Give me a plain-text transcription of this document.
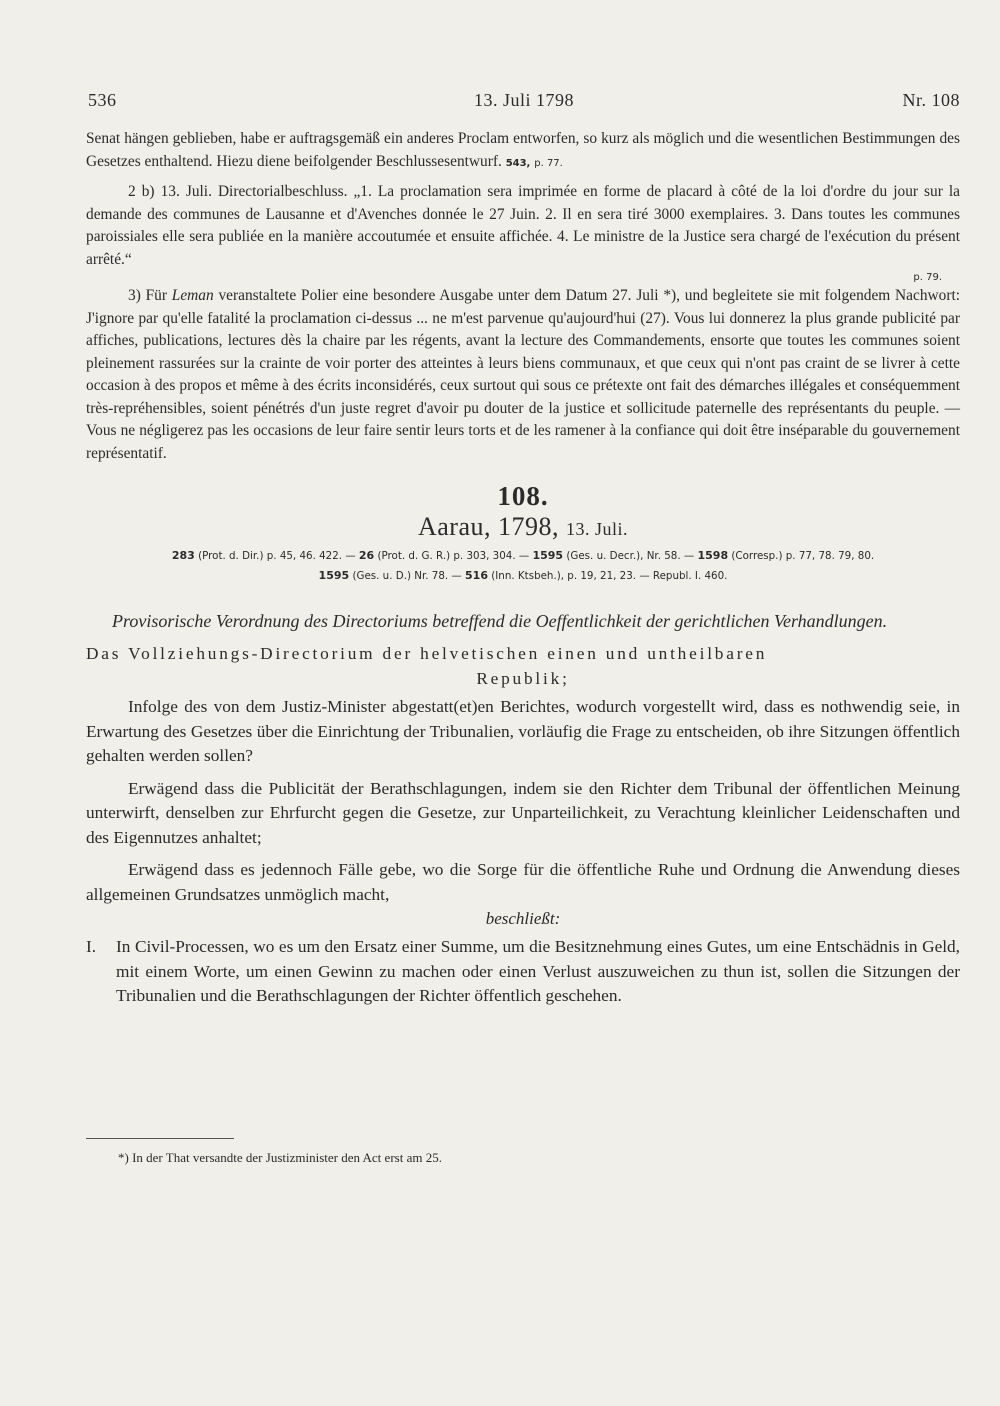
536	13. Juli 1798	Nr. 108

Senat hängen geblieben, habe er auftragsgemäß ein anderes Proclam entworfen, so kurz als möglich und die wesentlichen Bestimmungen des Gesetzes enthaltend. Hiezu diene beifolgender Beschlussesentwurf. 543, p. 77.

2 b) 13. Juli. Directorialbeschluss. „1. La proclamation sera imprimée en forme de placard à côté de la loi d'ordre du jour sur la demande des communes de Lausanne et d'Avenches donnée le 27 Juin. 2. Il en sera tiré 3000 exemplaires. 3. Dans toutes les communes paroissiales elle sera publiée en la manière accoutumée et ensuite affichée. 4. Le ministre de la Justice sera chargé de l'exécution du présent arrêté.“

p. 79.

3) Für Leman veranstaltete Polier eine besondere Ausgabe unter dem Datum 27. Juli *), und begleitete sie mit folgendem Nachwort: J'ignore par qu'elle fatalité la proclamation ci-dessus ... ne m'est parvenue qu'aujourd'hui (27). Vous lui donnerez la plus grande publicité par affiches, publications, lectures dès la chaire par les régents, avant la lecture des Commandements, ensorte que toutes les communes soient pleinement rassurées sur la crainte de voir porter des atteintes à leurs biens communaux, et que ceux qui n'ont pas craint de se livrer à cette occasion à des propos et même à des écrits inconsidérés, ceux surtout qui sous ce prétexte ont fait des démarches illégales et conséquemment très-repréhensibles, soient pénétrés d'un juste regret d'avoir pu douter de la justice et sollicitude paternelle des représentants du peuple. — Vous ne négligerez pas les occasions de leur faire sentir leurs torts et de les ramener à la confiance qui doit être inséparable du gouvernement représentatif.

108.

Aarau, 1798, 13. Juli.

283 (Prot. d. Dir.) p. 45, 46. 422. — 26 (Prot. d. G. R.) p. 303, 304. — 1595 (Ges. u. Decr.), Nr. 58. — 1598 (Corresp.) p. 77, 78. 79, 80.

1595 (Ges. u. D.) Nr. 78. — 516 (Inn. Ktsbeh.), p. 19, 21, 23. — Republ. I. 460.

Provisorische Verordnung des Directoriums betreffend die Oeffentlichkeit der gerichtlichen Verhandlungen.

Das Vollziehungs-Directorium der helvetischen einen und untheilbaren

Republik;

Infolge des von dem Justiz-Minister abgestatt(et)en Berichtes, wodurch vorgestellt wird, dass es nothwendig seie, in Erwartung des Gesetzes über die Einrichtung der Tribunalien, vorläufig die Frage zu entscheiden, ob ihre Sitzungen öffentlich gehalten werden sollen?

Erwägend dass die Publicität der Berathschlagungen, indem sie den Richter dem Tribunal der öffentlichen Meinung unterwirft, denselben zur Ehrfurcht gegen die Gesetze, zur Unparteilichkeit, zu Verachtung kleinlicher Leidenschaften und des Eigennutzes anhaltet;

Erwägend dass es jedennoch Fälle gebe, wo die Sorge für die öffentliche Ruhe und Ordnung die Anwendung dieses allgemeinen Grundsatzes unmöglich macht,

beschließt:

I. In Civil-Processen, wo es um den Ersatz einer Summe, um die Besitznehmung eines Gutes, um eine Entschädnis in Geld, mit einem Worte, um einen Gewinn zu machen oder einen Verlust auszuweichen zu thun ist, sollen die Sitzungen der Tribunalien und die Berathschlagungen der Richter öffentlich geschehen.
*) In der That versandte der Justizminister den Act erst am 25.
